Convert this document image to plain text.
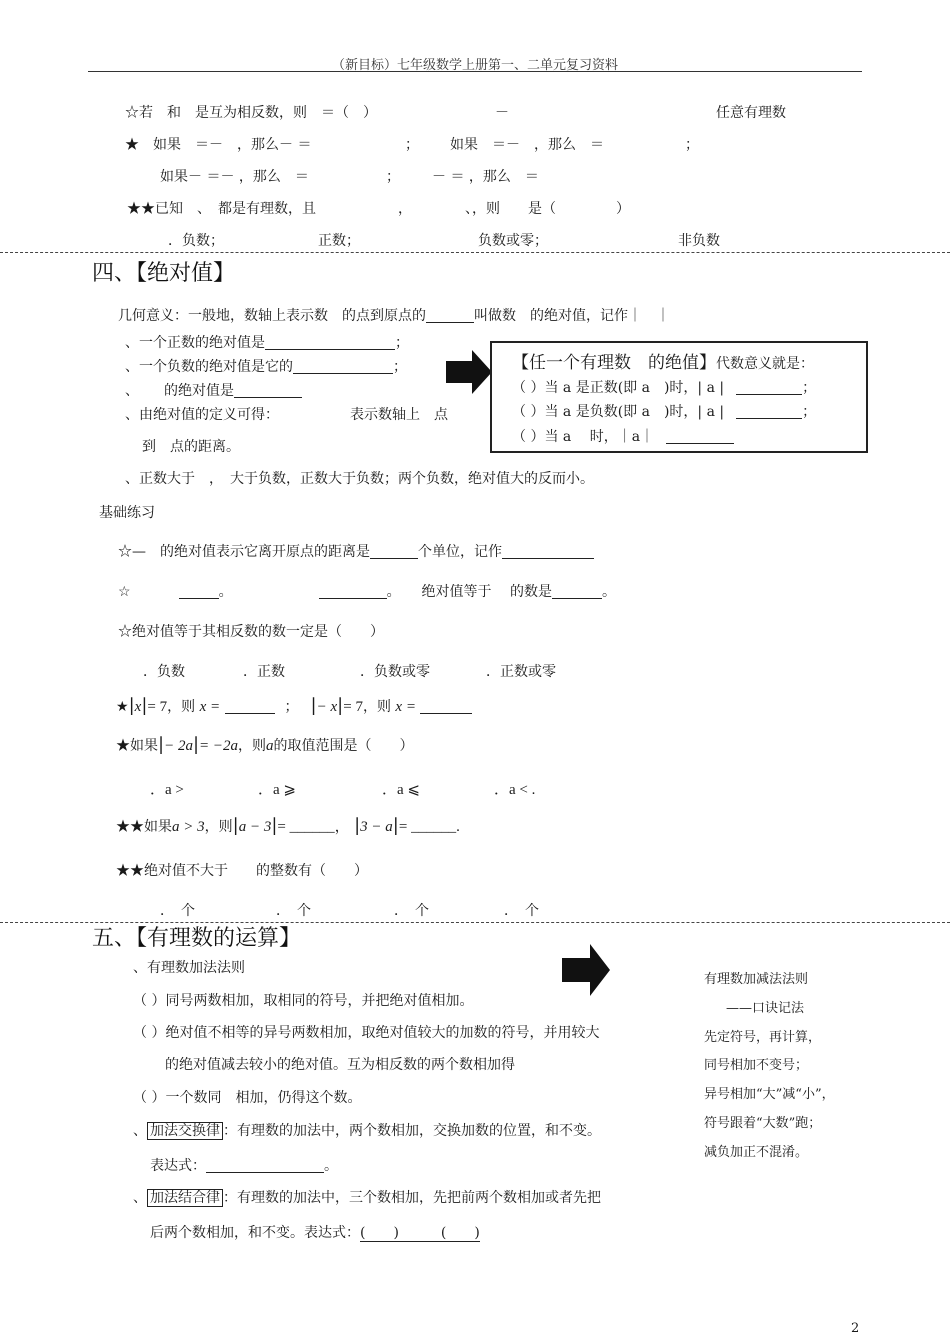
（新目标）七年级数学上册第一、二单元复习资料
☆若　和　是互为相反数，则　＝（　）	－	任意有理数
★　如果　＝－　，那么－ ＝	； 如果　＝－　，那么　＝	；
如果－ ＝－ ，那么　＝	； － ＝ ，那么　＝
★★已知　、　都是有理数，且	，	、，则　　是（	）
．负数；	正数；	负数或零；	非负数
四、【绝对值】
几何意义：一般地，数轴上表示数　的点到原点的	叫做数　的绝对值，记作｜　｜
、一个正数的绝对值是	；
、一个负数的绝对值是它的	；
、 的绝对值是
、由绝对值的定义可得：	表示数轴上　点
到　点的距离。
、正数大于　，　大于负数，正数大于负数；两个负数，绝对值大的反而小。
【任一个有理数　的绝值】代数意义就是：
（ ）当 a 是正数(即 a　)时，| a |	；
（ ）当 a 是负数(即 a　)时，| a |	；
（ ）当 a　 时，｜a｜
基础练习
☆—　的绝对值表示它离开原点的距离是	个单位，记作
☆	。	。　　绝对值等于　 的数是	。
☆绝对值等于其相反数的数一定是（　　）
．负数	．正数	．负数或零	．正数或零
★|x|= 7，则 x =	； |− x|= 7，则 x =
★如果|− 2a|= −2a，则a的取值范围是（　　）
．a >	．a ⩾	．a ⩽	．a < .
★★如果a > 3，则|a − 3|= ______， |3 − a|= ______.
★★绝对值不大于　　的整数有（　　）
．　个	．　个	．　个	．　个
五、【有理数的运算】
、有理数加法法则
（ ）同号两数相加，取相同的符号，并把绝对值相加。
（ ）绝对值不相等的异号两数相加，取绝对值较大的加数的符号，并用较大
的绝对值减去较小的绝对值。互为相反数的两个数相加得
（ ）一个数同　相加，仍得这个数。
、 加法交换律 ：有理数的加法中，两个数相加，交换加数的位置，和不变。
表达式：	。
、 加法结合律 ：有理数的加法中，三个数相加，先把前两个数相加或者先把
后两个数相加，和不变。表达式：(　　)　　　(　　)
有理数加减法法则
——口诀记法
先定符号，再计算，
同号相加不变号；
异号相加“大”减“小”，
符号跟着“大数”跑；
减负加正不混淆。
2
